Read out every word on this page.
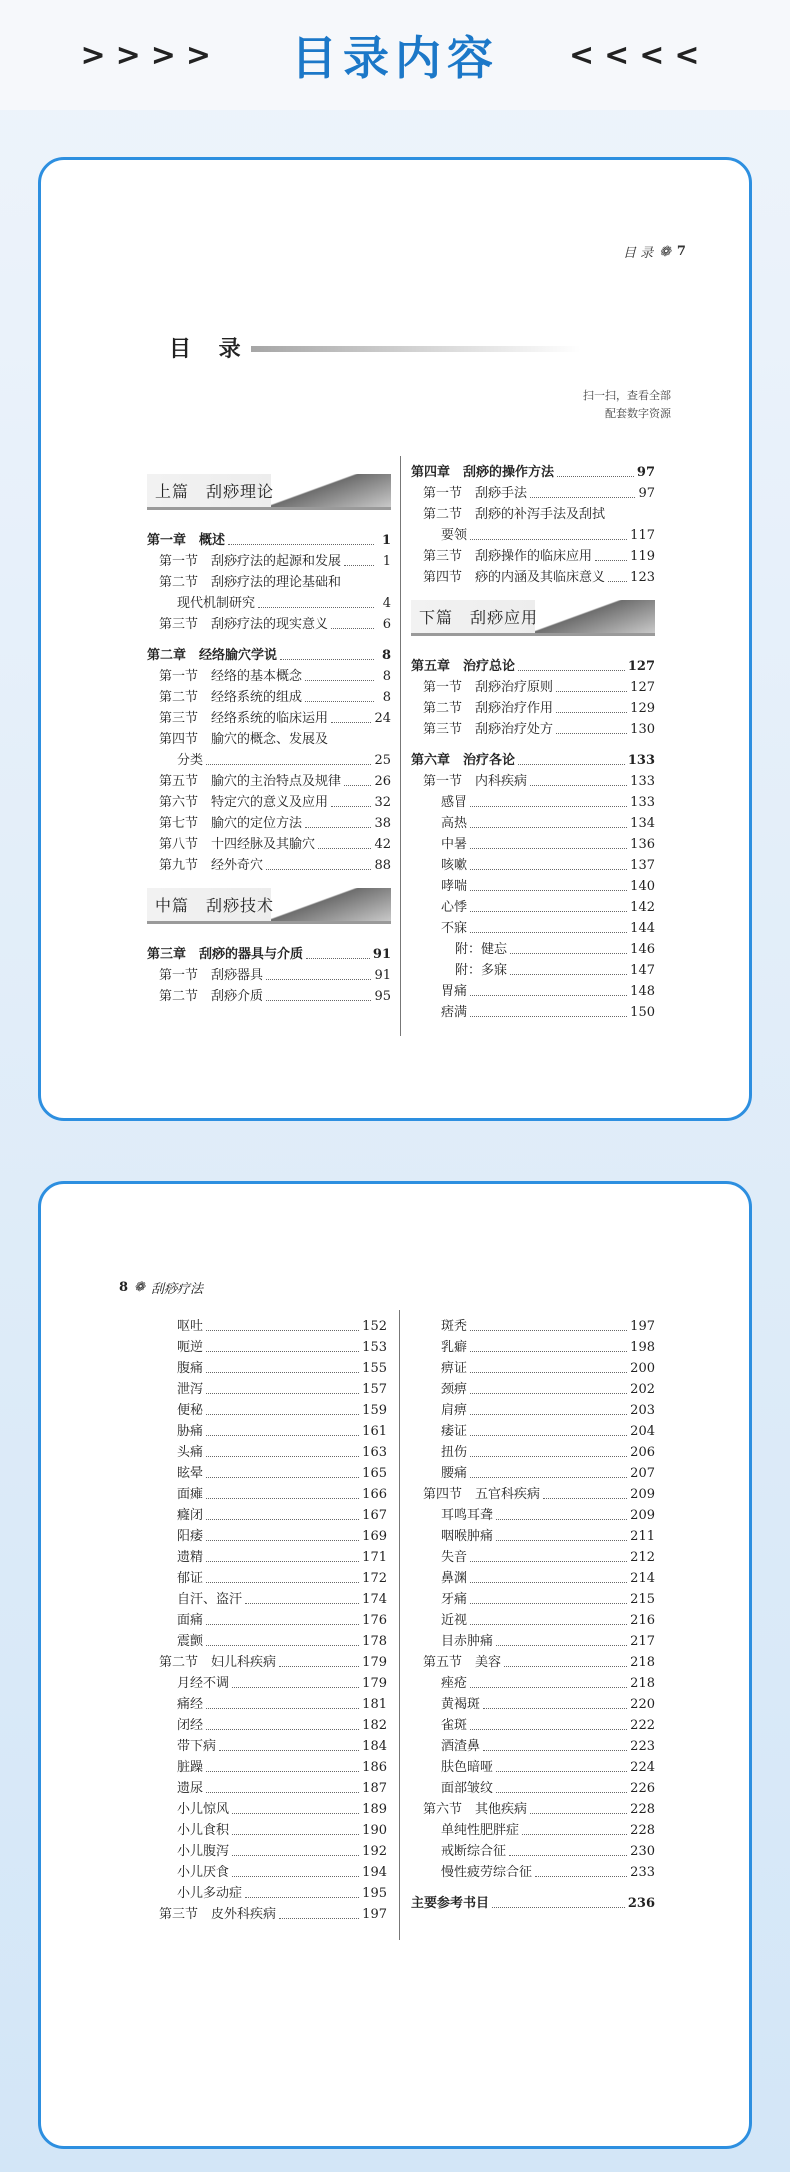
>>>> 目录内容 <<<<
目 录 ❁ 7
目 录
扫一扫，查看全部
配套数字资源
上篇　刮痧理论
第一章　概述	1
第一节　刮痧疗法的起源和发展	1
第二节　刮痧疗法的理论基础和
现代机制研究	4
第三节　刮痧疗法的现实意义	6
第二章　经络腧穴学说	8
第一节　经络的基本概念	8
第二节　经络系统的组成	8
第三节　经络系统的临床运用	24
第四节　腧穴的概念、发展及
分类	25
第五节　腧穴的主治特点及规律	26
第六节　特定穴的意义及应用	32
第七节　腧穴的定位方法	38
第八节　十四经脉及其腧穴	42
第九节　经外奇穴	88
中篇　刮痧技术
第三章　刮痧的器具与介质	91
第一节　刮痧器具	91
第二节　刮痧介质	95
第四章　刮痧的操作方法	97
第一节　刮痧手法	97
第二节　刮痧的补泻手法及刮拭
要领	117
第三节　刮痧操作的临床应用	119
第四节　痧的内涵及其临床意义 123
下篇　刮痧应用
第五章　治疗总论	127
第一节　刮痧治疗原则	127
第二节　刮痧治疗作用	129
第三节　刮痧治疗处方	130
第六章　治疗各论	133
第一节　内科疾病	133
感冒	133
高热	134
中暑	136
咳嗽	137
哮喘	140
心悸	142
不寐	144
附：健忘	146
附：多寐	147
胃痛	148
痞满	150
8 ❁ 刮痧疗法
呕吐	152
呃逆	153
腹痛	155
泄泻	157
便秘	159
胁痛	161
头痛	163
眩晕	165
面瘫	166
癃闭	167
阳痿	169
遗精	171
郁证	172
自汗、盗汗	174
面痛	176
震颤	178
第二节　妇儿科疾病	179
月经不调	179
痛经	181
闭经	182
带下病	184
脏躁	186
遗尿	187
小儿惊风	189
小儿食积	190
小儿腹泻	192
小儿厌食	194
小儿多动症	195
第三节　皮外科疾病	197
斑秃	197
乳癖	198
痹证	200
颈痹	202
肩痹	203
痿证	204
扭伤	206
腰痛	207
第四节　五官科疾病	209
耳鸣耳聋	209
咽喉肿痛	211
失音	212
鼻渊	214
牙痛	215
近视	216
目赤肿痛	217
第五节　美容	218
痤疮	218
黄褐斑	220
雀斑	222
酒渣鼻	223
肤色暗哑	224
面部皱纹	226
第六节　其他疾病	228
单纯性肥胖症	228
戒断综合征	230
慢性疲劳综合征	233
主要参考书目	236
